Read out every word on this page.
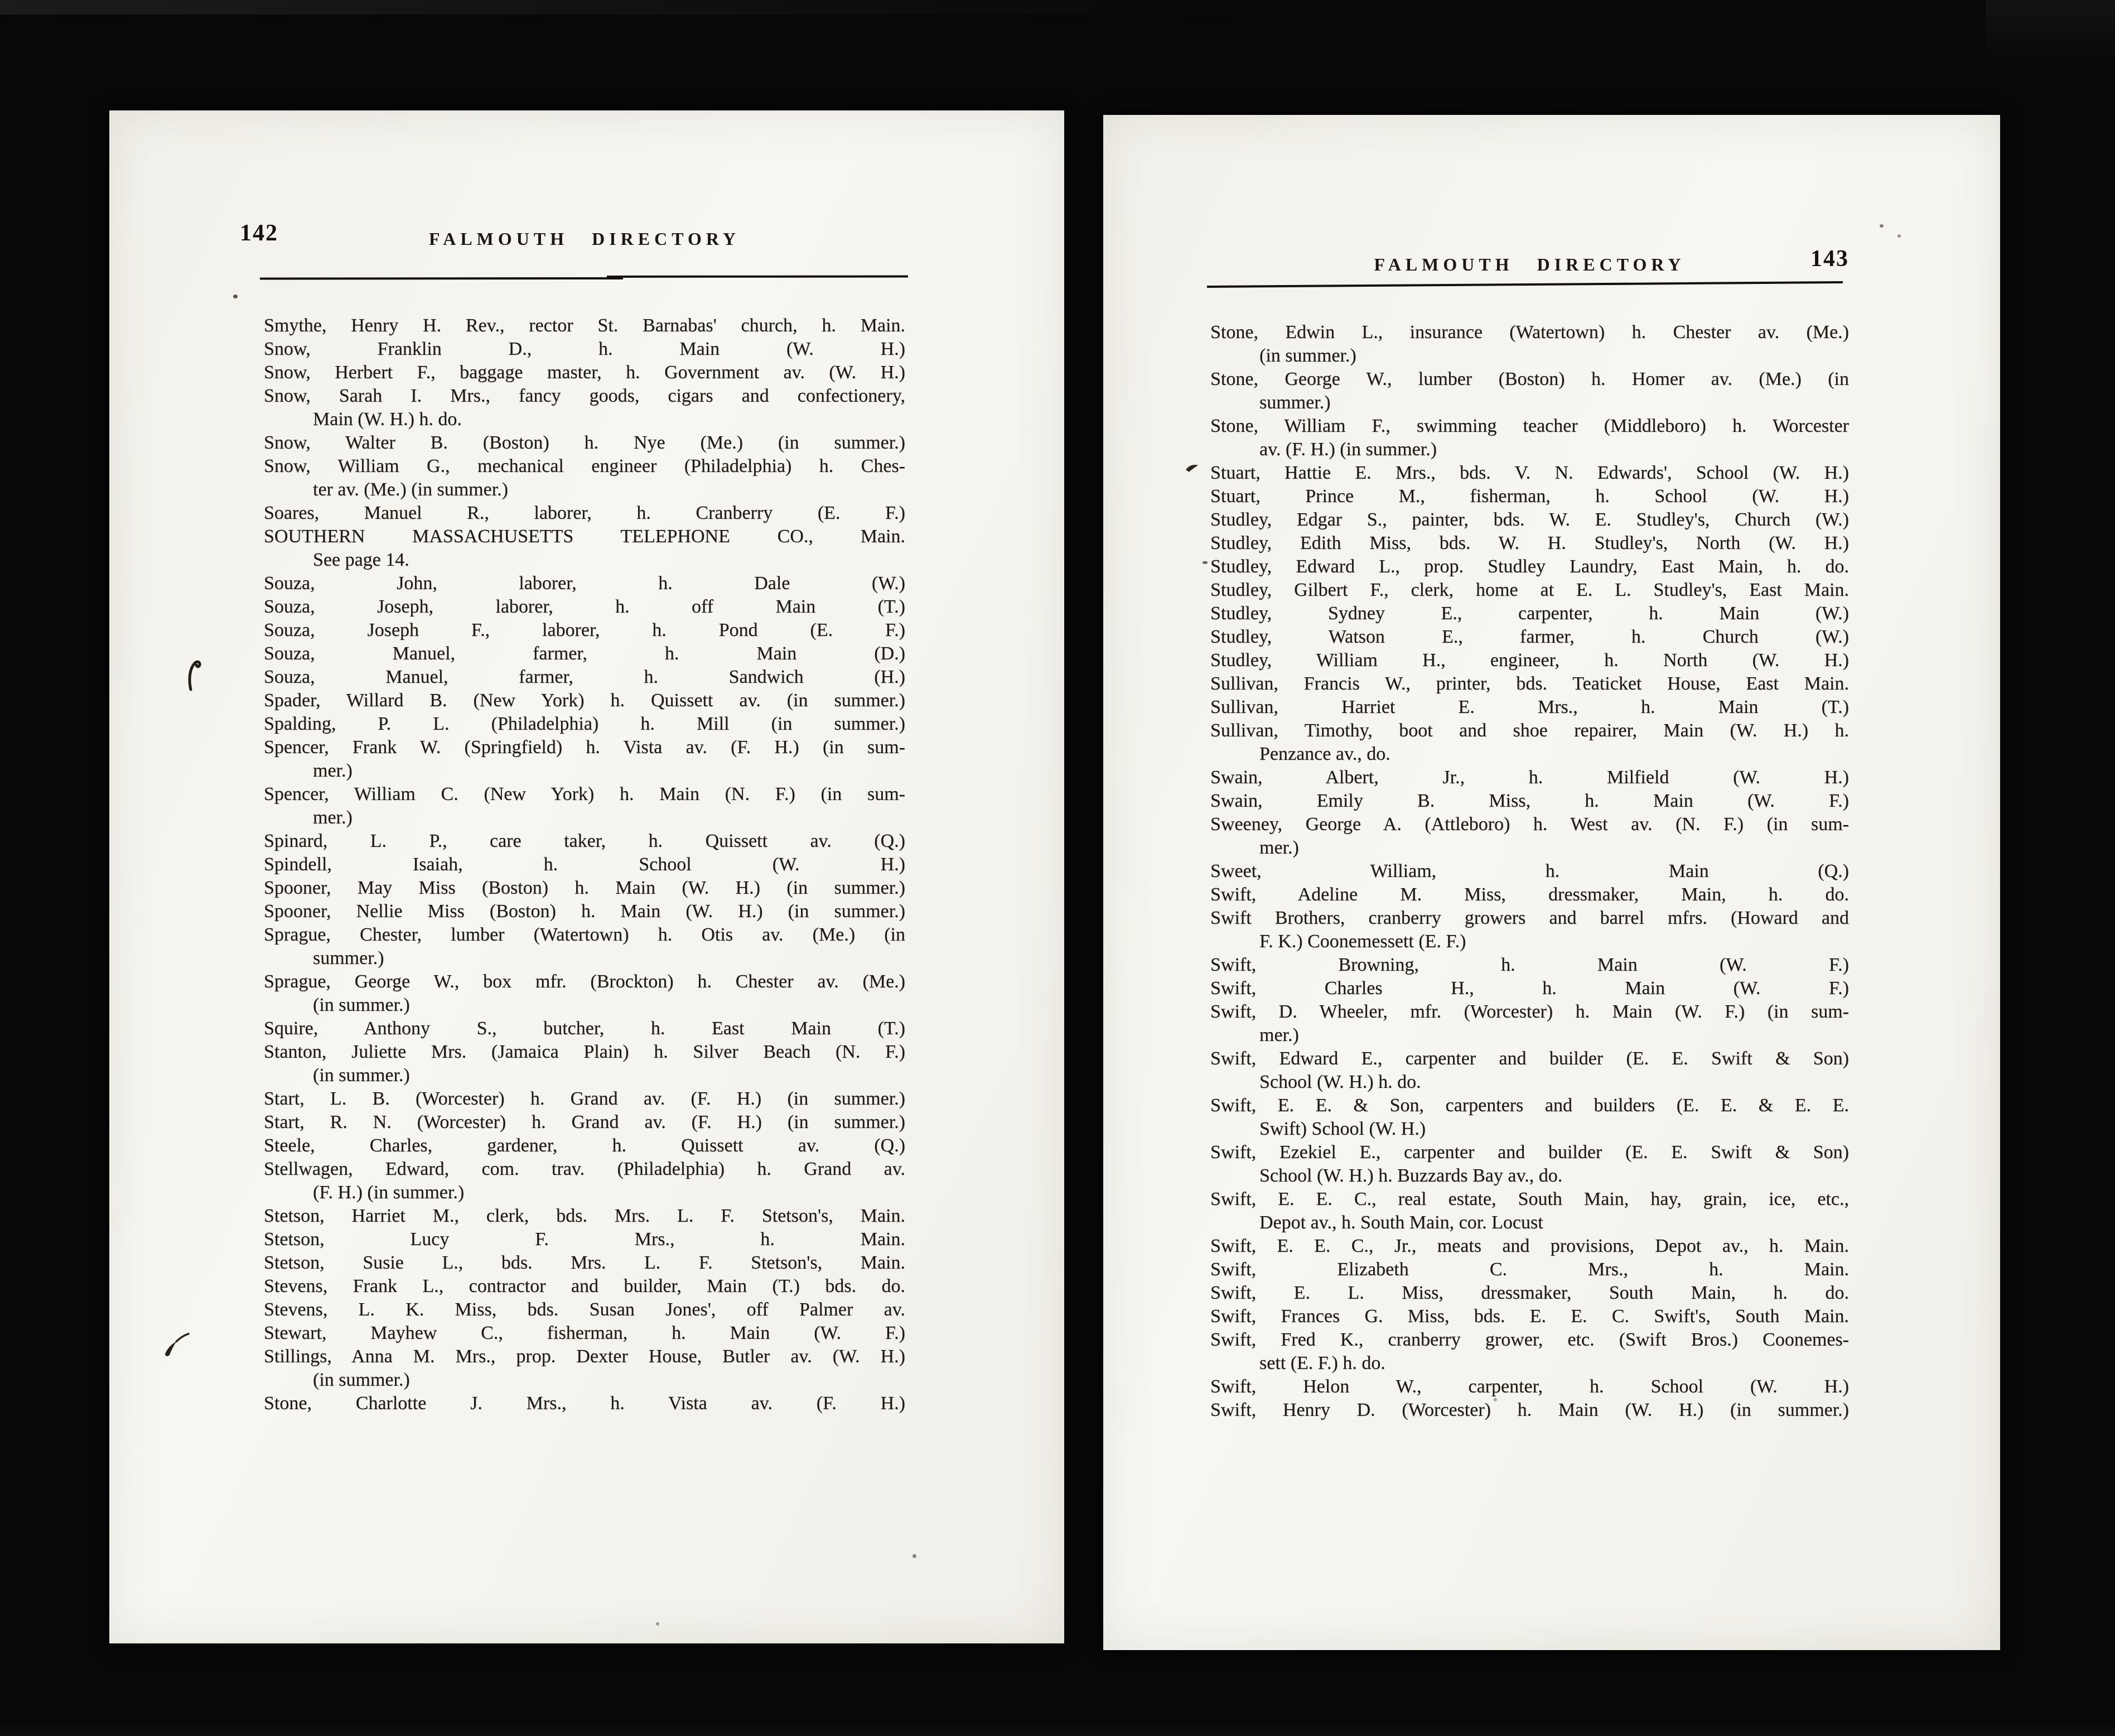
142	FALMOUTH DIRECTORY
Smythe, Henry H. Rev., rector St. Barnabas' church, h. Main.
Snow, Franklin D., h. Main (W. H.)
Snow, Herbert F., baggage master, h. Government av. (W. H.)
Snow, Sarah I. Mrs., fancy goods, cigars and confectionery,
Main (W. H.) h. do.
Snow, Walter B. (Boston) h. Nye (Me.) (in summer.)
Snow, William G., mechanical engineer (Philadelphia) h. Ches-
ter av. (Me.) (in summer.)
Soares, Manuel R., laborer, h. Cranberry (E. F.)
SOUTHERN MASSACHUSETTS TELEPHONE CO., Main.
See page 14.
Souza, John, laborer, h. Dale (W.)
Souza, Joseph, laborer, h. off Main (T.)
Souza, Joseph F., laborer, h. Pond (E. F.)
Souza, Manuel, farmer, h. Main (D.)
Souza, Manuel, farmer, h. Sandwich (H.)
Spader, Willard B. (New York) h. Quissett av. (in summer.)
Spalding, P. L. (Philadelphia) h. Mill (in summer.)
Spencer, Frank W. (Springfield) h. Vista av. (F. H.) (in sum-
mer.)
Spencer, William C. (New York) h. Main (N. F.) (in sum-
mer.)
Spinard, L. P., care taker, h. Quissett av. (Q.)
Spindell, Isaiah, h. School (W. H.)
Spooner, May Miss (Boston) h. Main (W. H.) (in summer.)
Spooner, Nellie Miss (Boston) h. Main (W. H.) (in summer.)
Sprague, Chester, lumber (Watertown) h. Otis av. (Me.) (in
summer.)
Sprague, George W., box mfr. (Brockton) h. Chester av. (Me.)
(in summer.)
Squire, Anthony S., butcher, h. East Main (T.)
Stanton, Juliette Mrs. (Jamaica Plain) h. Silver Beach (N. F.)
(in summer.)
Start, L. B. (Worcester) h. Grand av. (F. H.) (in summer.)
Start, R. N. (Worcester) h. Grand av. (F. H.) (in summer.)
Steele, Charles, gardener, h. Quissett av. (Q.)
Stellwagen, Edward, com. trav. (Philadelphia) h. Grand av.
(F. H.) (in summer.)
Stetson, Harriet M., clerk, bds. Mrs. L. F. Stetson's, Main.
Stetson, Lucy F. Mrs., h. Main.
Stetson, Susie L., bds. Mrs. L. F. Stetson's, Main.
Stevens, Frank L., contractor and builder, Main (T.) bds. do.
Stevens, L. K. Miss, bds. Susan Jones', off Palmer av.
Stewart, Mayhew C., fisherman, h. Main (W. F.)
Stillings, Anna M. Mrs., prop. Dexter House, Butler av. (W. H.)
(in summer.)
Stone, Charlotte J. Mrs., h. Vista av. (F. H.)
FALMOUTH DIRECTORY	143
Stone, Edwin L., insurance (Watertown) h. Chester av. (Me.)
(in summer.)
Stone, George W., lumber (Boston) h. Homer av. (Me.) (in
summer.)
Stone, William F., swimming teacher (Middleboro) h. Worcester
av. (F. H.) (in summer.)
Stuart, Hattie E. Mrs., bds. V. N. Edwards', School (W. H.)
Stuart, Prince M., fisherman, h. School (W. H.)
Studley, Edgar S., painter, bds. W. E. Studley's, Church (W.)
Studley, Edith Miss, bds. W. H. Studley's, North (W. H.)
Studley, Edward L., prop. Studley Laundry, East Main, h. do.
Studley, Gilbert F., clerk, home at E. L. Studley's, East Main.
Studley, Sydney E., carpenter, h. Main (W.)
Studley, Watson E., farmer, h. Church (W.)
Studley, William H., engineer, h. North (W. H.)
Sullivan, Francis W., printer, bds. Teaticket House, East Main.
Sullivan, Harriet E. Mrs., h. Main (T.)
Sullivan, Timothy, boot and shoe repairer, Main (W. H.) h.
Penzance av., do.
Swain, Albert, Jr., h. Milfield (W. H.)
Swain, Emily B. Miss, h. Main (W. F.)
Sweeney, George A. (Attleboro) h. West av. (N. F.) (in sum-
mer.)
Sweet, William, h. Main (Q.)
Swift, Adeline M. Miss, dressmaker, Main, h. do.
Swift Brothers, cranberry growers and barrel mfrs. (Howard and
F. K.) Coonemessett (E. F.)
Swift, Browning, h. Main (W. F.)
Swift, Charles H., h. Main (W. F.)
Swift, D. Wheeler, mfr. (Worcester) h. Main (W. F.) (in sum-
mer.)
Swift, Edward E., carpenter and builder (E. E. Swift & Son)
School (W. H.) h. do.
Swift, E. E. & Son, carpenters and builders (E. E. & E. E.
Swift) School (W. H.)
Swift, Ezekiel E., carpenter and builder (E. E. Swift & Son)
School (W. H.) h. Buzzards Bay av., do.
Swift, E. E. C., real estate, South Main, hay, grain, ice, etc.,
Depot av., h. South Main, cor. Locust
Swift, E. E. C., Jr., meats and provisions, Depot av., h. Main.
Swift, Elizabeth C. Mrs., h. Main.
Swift, E. L. Miss, dressmaker, South Main, h. do.
Swift, Frances G. Miss, bds. E. E. C. Swift's, South Main.
Swift, Fred K., cranberry grower, etc. (Swift Bros.) Coonemes-
sett (E. F.) h. do.
Swift, Helon W., carpenter, h. School (W. H.)
Swift, Henry D. (Worcester) h. Main (W. H.) (in summer.)
